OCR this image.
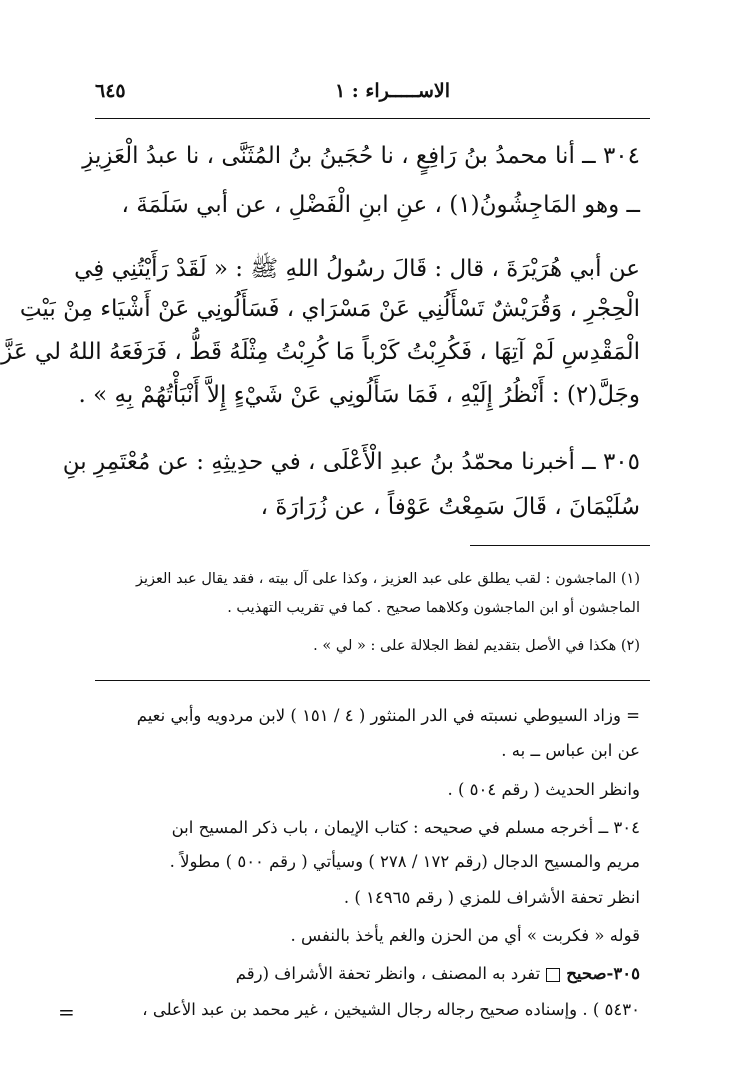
الاســـــراء : ١
٦٤٥
٣٠٤ ــ أنا محمدُ بنُ رَافِعٍ ، نا حُجَينُ بنُ المُثَنَّى ، نا عبدُ الْعَزِيزِ
ــ وهو المَاجِشُونُ(١) ، عنِ ابنِ الْفَضْلِ ، عن أبي سَلَمَةَ ،
عن أبي هُرَيْرَةَ ، قال : قَالَ رسُولُ اللهِ ﷺ : « لَقَدْ رَأَيْتُنِي فِي
الْحِجْرِ ، وَقُرَيْشٌ تَسْأَلُنِي عَنْ مَسْرَاي ، فَسَأَلُونِي عَنْ أَشْيَاء مِنْ بَيْتِ
الْمَقْدِسِ لَمْ آتِهَا ، فَكُرِبْتُ كَرْباً مَا كُرِبْتُ مِثْلَهُ قَطُّ ، فَرَفَعَهُ اللهُ لي عَزَّ
وجَلَّ(٢) : أَنْظُرُ إِلَيْهِ ، فَمَا سَأَلُونِي عَنْ شَيْءٍ إِلاَّ أَنْبَأْتُهُمْ بِهِ » .
٣٠٥ ــ أخبرنا محمّدُ بنُ عبدِ الْأَعْلَى ، في حدِيثِهِ : عن مُعْتَمِرِ بنِ
سُلَيْمَانَ ، قَالَ سَمِعْتُ عَوْفاً ، عن زُرَارَةَ ،
(١) الماجشون : لقب يطلق على عبد العزيز ، وكذا على آل بيته ، فقد يقال عبد العزيز
الماجشون أو ابن الماجشون وكلاهما صحيح . كما في تقريب التهذيب .
(٢) هكذا في الأصل بتقديم لفظ الجلالة على : « لي » .
= وزاد السيوطي نسبته في الدر المنثور ( ٤ / ١٥١ ) لابن مردويه وأبي نعيم
عن ابن عباس ــ به .
وانظر الحديث ( رقم ٥٠٤ ) .
٣٠٤ ــ أخرجه مسلم في صحيحه : كتاب الإيمان ، باب ذكر المسيح ابن
مريم والمسيح الدجال (رقم ١٧٢ / ٢٧٨ ) وسيأتي ( رقم ٥٠٠ ) مطولاً .
انظر تحفة الأشراف للمزي ( رقم ١٤٩٦٥ ) .
قوله « فكربت » أي من الحزن والغم يأخذ بالنفس .
٣٠٥-صحيحتفرد به المصنف ، وانظر تحفة الأشراف (رقم
٥٤٣٠ ) . وإسناده صحيح رجاله رجال الشيخين ، غير محمد بن عبد الأعلى ،
=
